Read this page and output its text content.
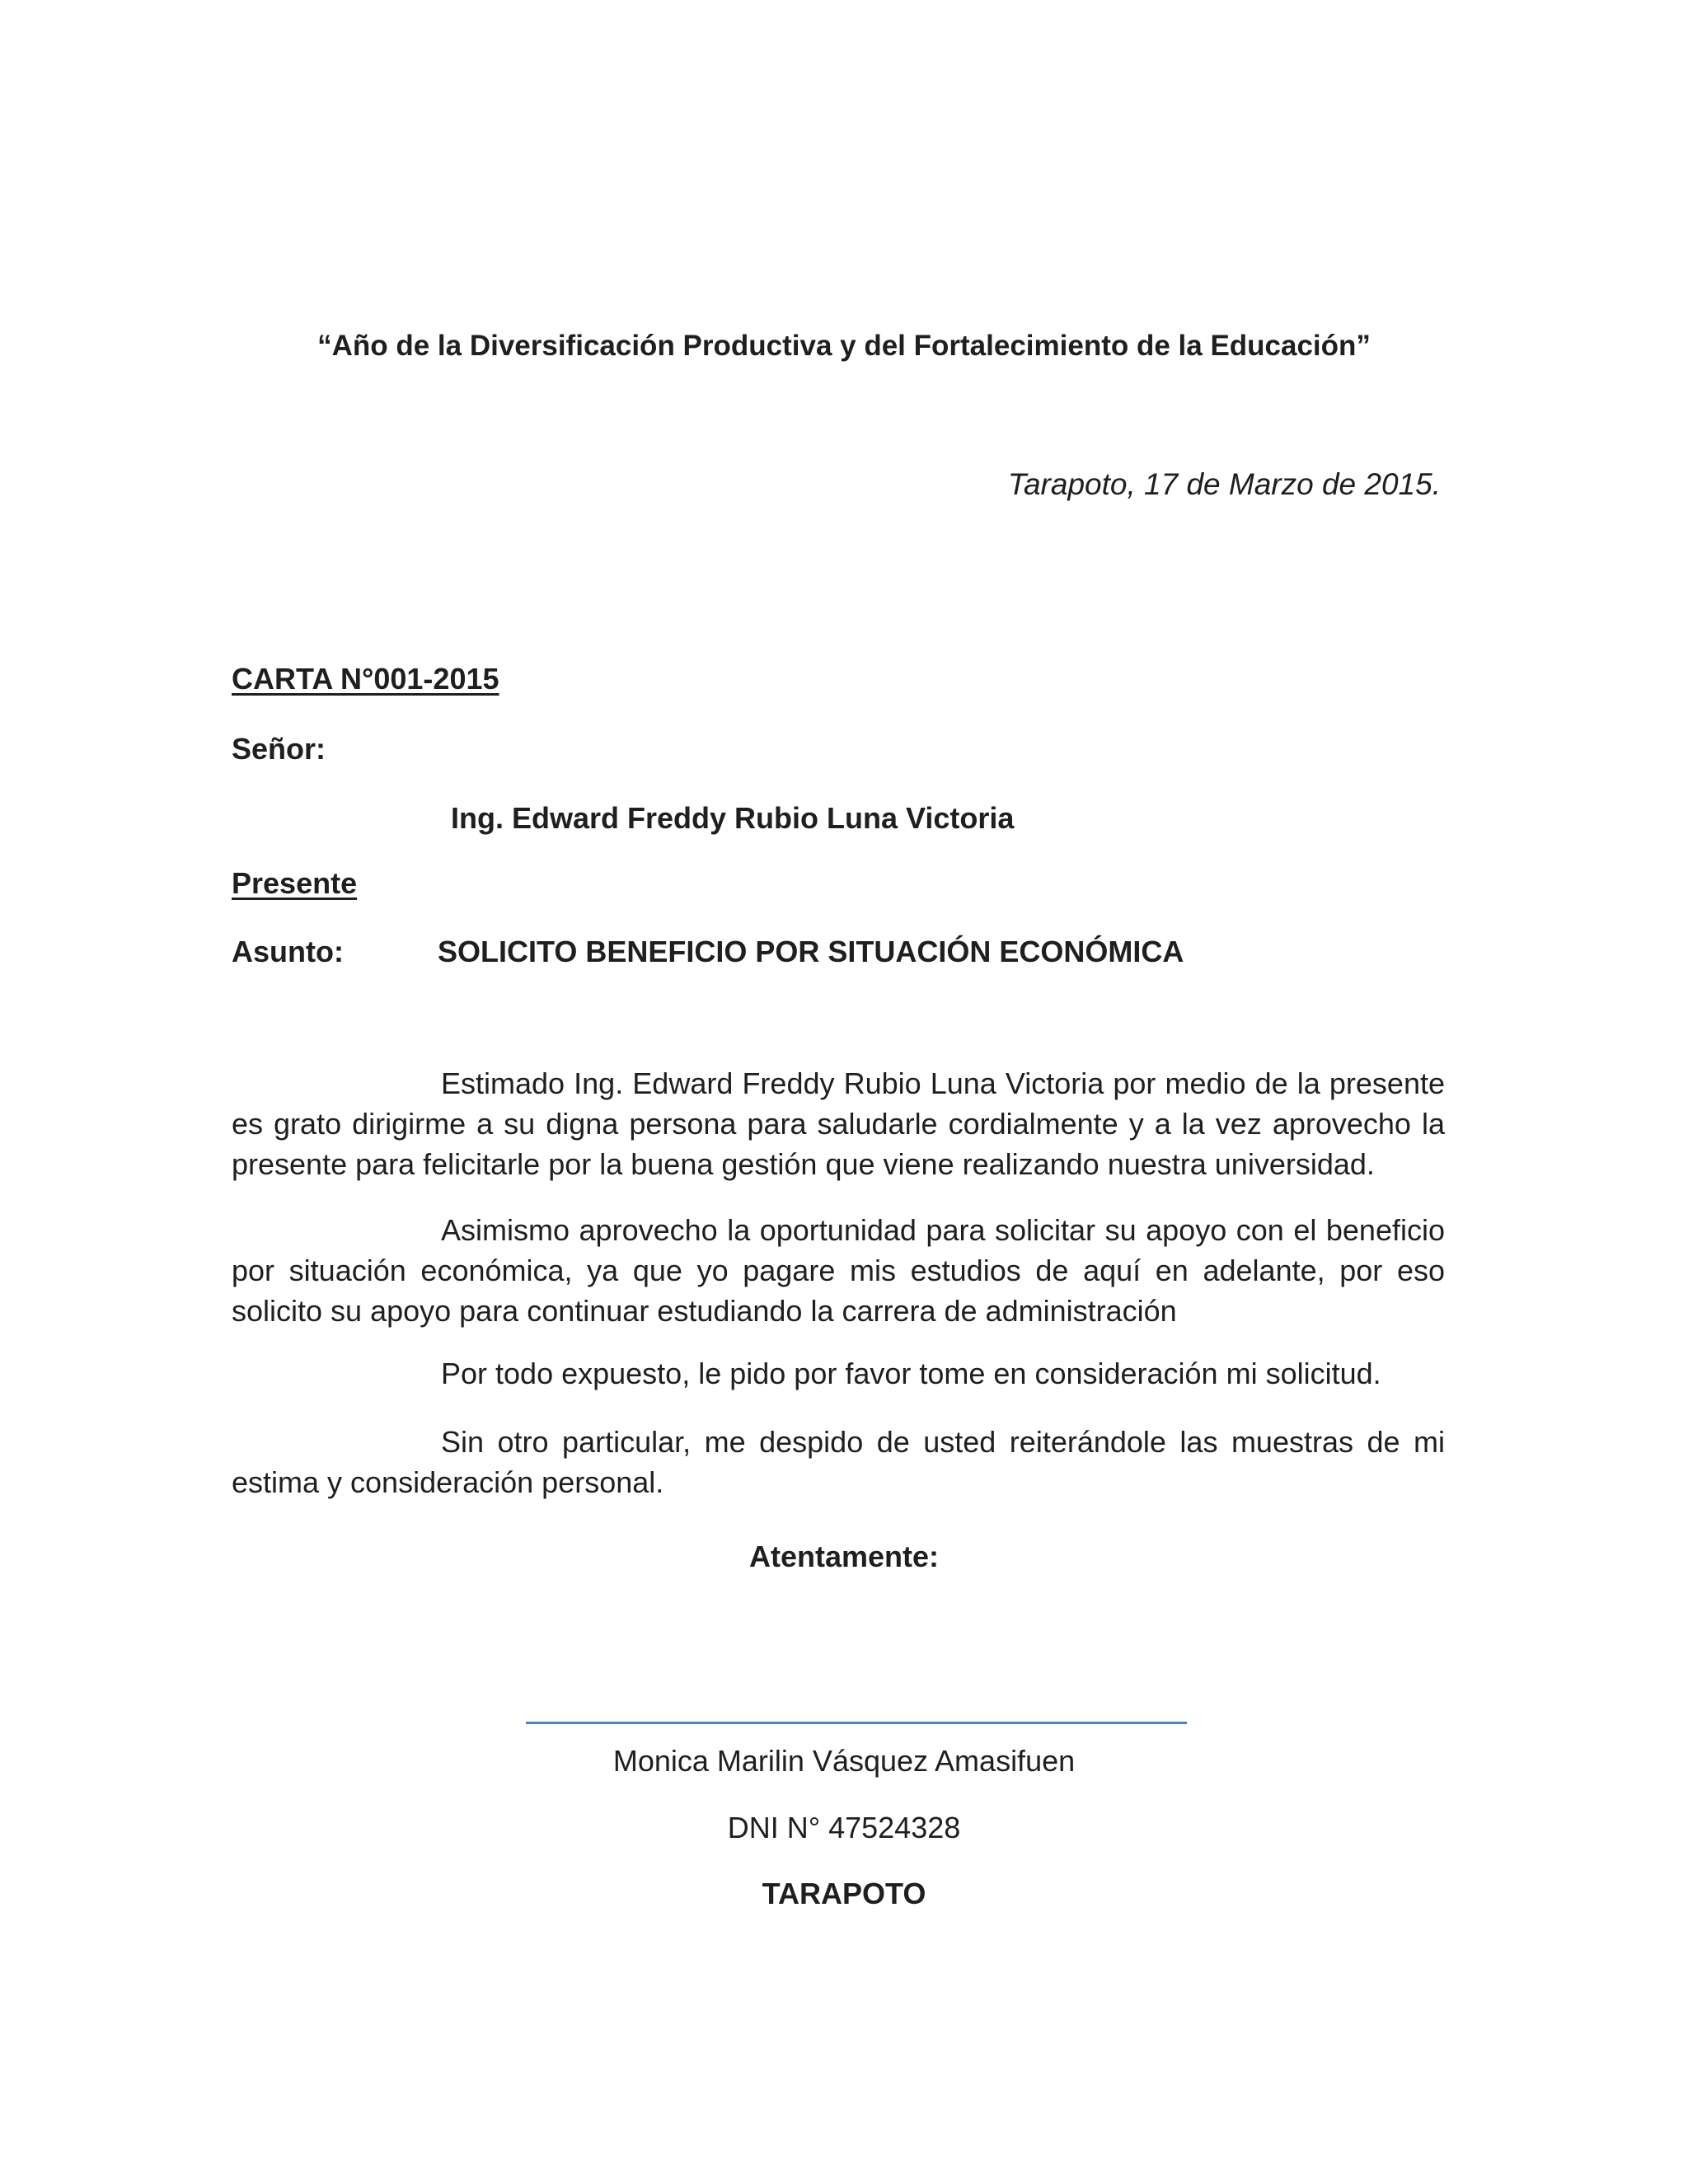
“Año de la Diversificación Productiva y del Fortalecimiento de la Educación”
Tarapoto, 17 de Marzo de 2015.
CARTA N°001-2015
Señor:
Ing. Edward Freddy Rubio Luna Victoria
Presente
Asunto:	SOLICITO BENEFICIO POR SITUACIÓN ECONÓMICA
Estimado Ing. Edward Freddy Rubio Luna Victoria por medio de la presente es grato dirigirme a su digna persona para saludarle cordialmente y a la vez aprovecho la presente para felicitarle por la buena gestión que viene realizando nuestra universidad.
Asimismo aprovecho la oportunidad para solicitar su apoyo con el beneficio por situación económica, ya que yo pagare mis estudios de aquí en adelante, por eso solicito su apoyo para continuar estudiando la carrera de administración
Por todo expuesto, le pido por favor tome en consideración mi solicitud.
Sin otro particular, me despido de usted reiterándole las muestras de mi estima y consideración personal.
Atentamente:
Monica Marilin Vásquez Amasifuen
DNI N° 47524328
TARAPOTO
